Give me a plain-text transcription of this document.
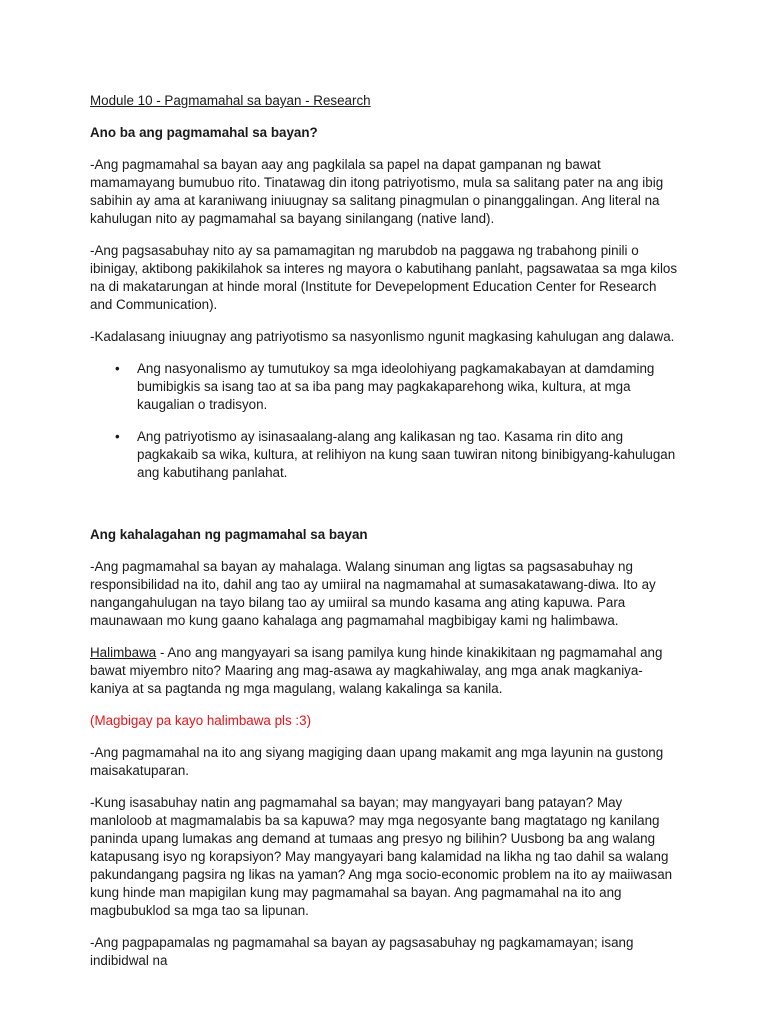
Module 10 - Pagmamahal sa bayan - Research
Ano ba ang pagmamahal sa bayan?
-Ang pagmamahal sa bayan aay ang pagkilala sa papel na dapat gampanan ng bawat mamamayang bumubuo rito. Tinatawag din itong patriyotismo, mula sa salitang pater na ang ibig sabihin ay ama at karaniwang iniuugnay sa salitang pinagmulan o pinanggalingan. Ang literal na kahulugan nito ay pagmamahal sa bayang sinilangang (native land).
-Ang pagsasabuhay nito ay sa pamamagitan ng marubdob na paggawa ng trabahong pinili o ibinigay, aktibong pakikilahok sa interes ng mayora o kabutihang panlaht, pagsawataa sa mga kilos na di makatarungan at hinde moral (Institute for Devepelopment Education Center for Research and Communication).
-Kadalasang iniuugnay ang patriyotismo sa nasyonlismo ngunit magkasing kahulugan ang dalawa.
• Ang nasyonalismo ay tumutukoy sa mga ideolohiyang pagkamakabayan at damdaming bumibigkis sa isang tao at sa iba pang may pagkakaparehong wika, kultura, at mga kaugalian o tradisyon.
• Ang patriyotismo ay isinasaalang-alang ang kalikasan ng tao. Kasama rin dito ang pagkakaib sa wika, kultura, at relihiyon na kung saan tuwiran nitong binibigyang-kahulugan ang kabutihang panlahat.
Ang kahalagahan ng pagmamahal sa bayan
-Ang pagmamahal sa bayan ay mahalaga. Walang sinuman ang ligtas sa pagsasabuhay ng responsibilidad na ito, dahil ang tao ay umiiral na nagmamahal at sumasakatawang-diwa. Ito ay nangangahulugan na tayo bilang tao ay umiiral sa mundo kasama ang ating kapuwa. Para maunawaan mo kung gaano kahalaga ang pagmamahal magbibigay kami ng halimbawa.
Halimbawa - Ano ang mangyayari sa isang pamilya kung hinde kinakikitaan ng pagmamahal ang bawat miyembro nito? Maaring ang mag-asawa ay magkahiwalay, ang mga anak magkaniya-kaniya at sa pagtanda ng mga magulang, walang kakalinga sa kanila.
(Magbigay pa kayo halimbawa pls :3)
-Ang pagmamahal na ito ang siyang magiging daan upang makamit ang mga layunin na gustong maisakatuparan.
-Kung isasabuhay natin ang pagmamahal sa bayan; may mangyayari bang patayan? May manloloob at magmamalabis ba sa kapuwa? may mga negosyante bang magtatago ng kanilang paninda upang lumakas ang demand at tumaas ang presyo ng bilihin? Uusbong ba ang walang katapusang isyo ng korapsiyon? May mangyayari bang kalamidad na likha ng tao dahil sa walang pakundangang pagsira ng likas na yaman? Ang mga socio-economic problem na ito ay maiiwasan kung hinde man mapigilan kung may pagmamahal sa bayan. Ang pagmamahal na ito ang magbubuklod sa mga tao sa lipunan.
-Ang pagpapamalas ng pagmamahal sa bayan ay pagsasabuhay ng pagkamamayan; isang indibidwal na
